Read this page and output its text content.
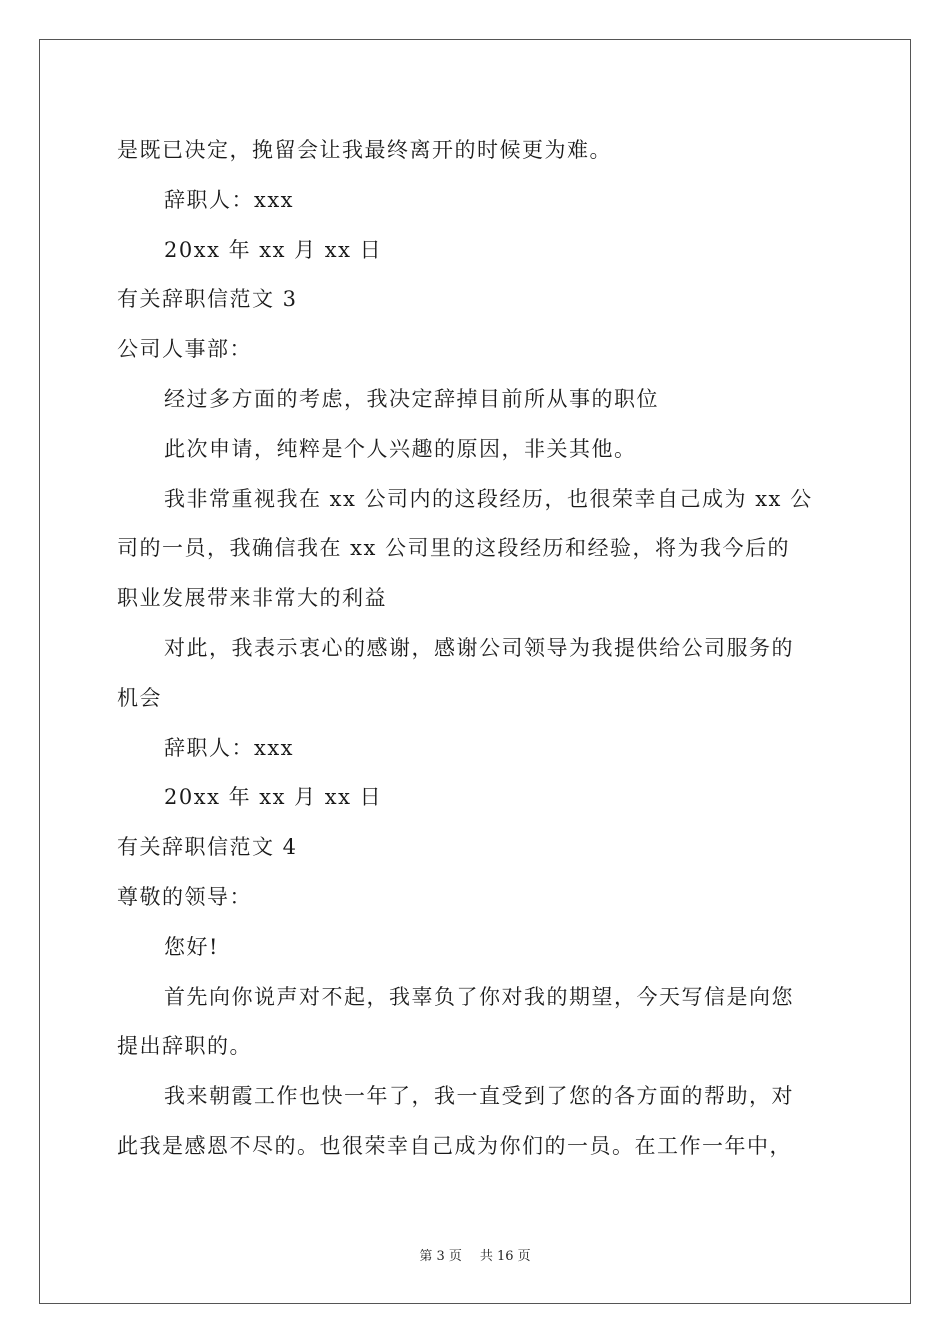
是既已决定，挽留会让我最终离开的时候更为难。
辞职人：xxx
20xx 年 xx 月 xx 日
有关辞职信范文 3
公司人事部：
经过多方面的考虑，我决定辞掉目前所从事的职位
此次申请，纯粹是个人兴趣的原因，非关其他。
我非常重视我在 xx 公司内的这段经历，也很荣幸自己成为 xx 公
司的一员，我确信我在 xx 公司里的这段经历和经验，将为我今后的
职业发展带来非常大的利益
对此，我表示衷心的感谢，感谢公司领导为我提供给公司服务的
机会
辞职人：xxx
20xx 年 xx 月 xx 日
有关辞职信范文 4
尊敬的领导：
您好!
首先向你说声对不起，我辜负了你对我的期望，今天写信是向您
提出辞职的。
我来朝霞工作也快一年了，我一直受到了您的各方面的帮助，对
此我是感恩不尽的。也很荣幸自己成为你们的一员。在工作一年中，
第 3 页 共 16 页
